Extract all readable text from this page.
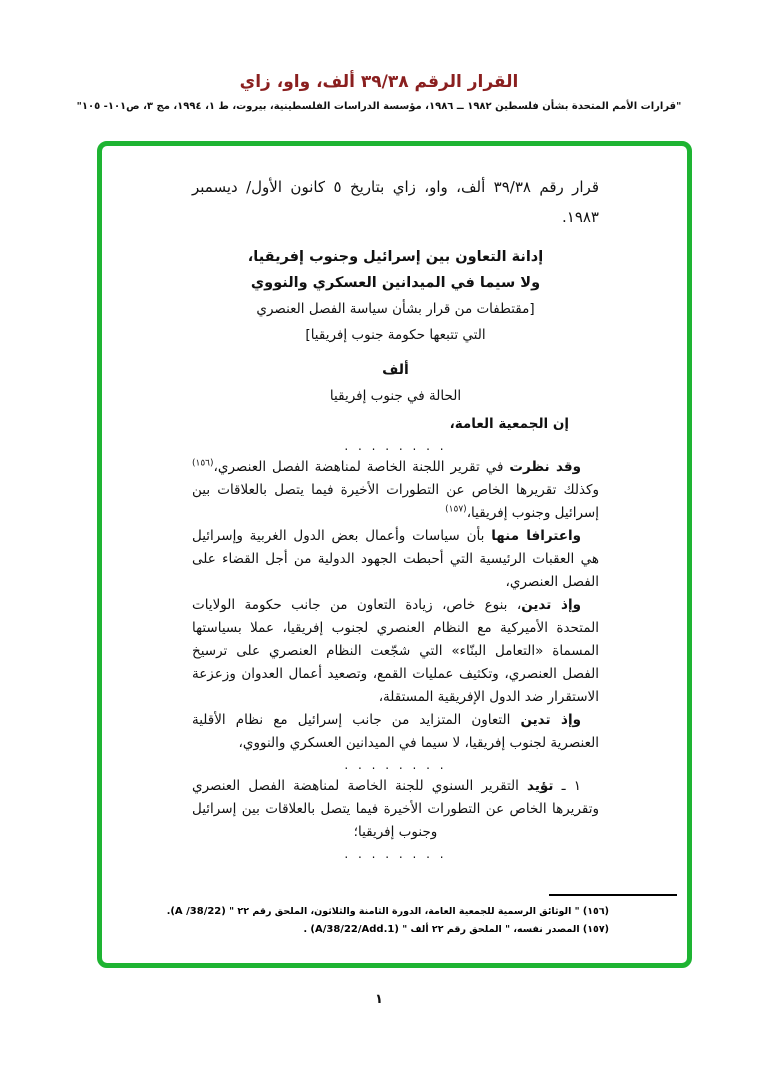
القرار الرقم ٣٩/٣٨ ألف، واو، زاي
"قرارات الأمم المتحدة بشأن فلسطين ١٩٨٢ ــ ١٩٨٦، مؤسسة الدراسات الفلسطينية، بيروت، ط ١، ١٩٩٤، مج ٣، ص١٠١- ١٠٥"

قرار رقم ٣٩/٣٨ ألف، واو، زاي بتاريخ ٥ كانون الأول/ ديسمبر ١٩٨٣.

إدانة التعاون بين إسرائيل وجنوب إفريقيا،
ولا سيما في الميدانين العسكري والنووي
[مقتطفات من قرار بشأن سياسة الفصل العنصري
التي تتبعها حكومة جنوب إفريقيا]
ألف
الحالة في جنوب إفريقيا
إن الجمعية العامة،
. . . . . . . .

وقد نظرت في تقرير اللجنة الخاصة لمناهضة الفصل العنصري،$^{(١٥٦)}$ وكذلك تقريرها الخاص عن التطورات الأخيرة فيما يتصل بالعلاقات بين إسرائيل وجنوب إفريقيا،$^{(١٥٧)}$

واعترافا منها بأن سياسات وأعمال بعض الدول الغربية وإسرائيل هي العقبات الرئيسية التي أحبطت الجهود الدولية من أجل القضاء على الفصل العنصري،

وإذ تدين، بنوع خاص، زيادة التعاون من جانب حكومة الولايات المتحدة الأميركية مع النظام العنصري لجنوب إفريقيا، عملا بسياستها المسماة «التعامل البنّاء» التي شجّعت النظام العنصري على ترسيخ الفصل العنصري، وتكثيف عمليات القمع، وتصعيد أعمال العدوان وزعزعة الاستقرار ضد الدول الإفريقية المستقلة،

وإذ تدين التعاون المتزايد من جانب إسرائيل مع نظام الأقلية العنصرية لجنوب إفريقيا، لا سيما في الميدانين العسكري والنووي،

. . . . . . . .

١ ـ تؤيد التقرير السنوي للجنة الخاصة لمناهضة الفصل العنصري وتقريرها الخاص عن التطورات الأخيرة فيما يتصل بالعلاقات بين إسرائيل وجنوب إفريقيا؛

. . . . . . . .
(١٥٦) " الوثائق الرسمية للجمعية العامة، الدورة الثامنة والثلاثون، الملحق رقم ٢٢ " (A /38/22).
(١٥٧) المصدر نفسه، " الملحق رقم ٢٢ ألف " (A/38/22/Add.1) .
١
